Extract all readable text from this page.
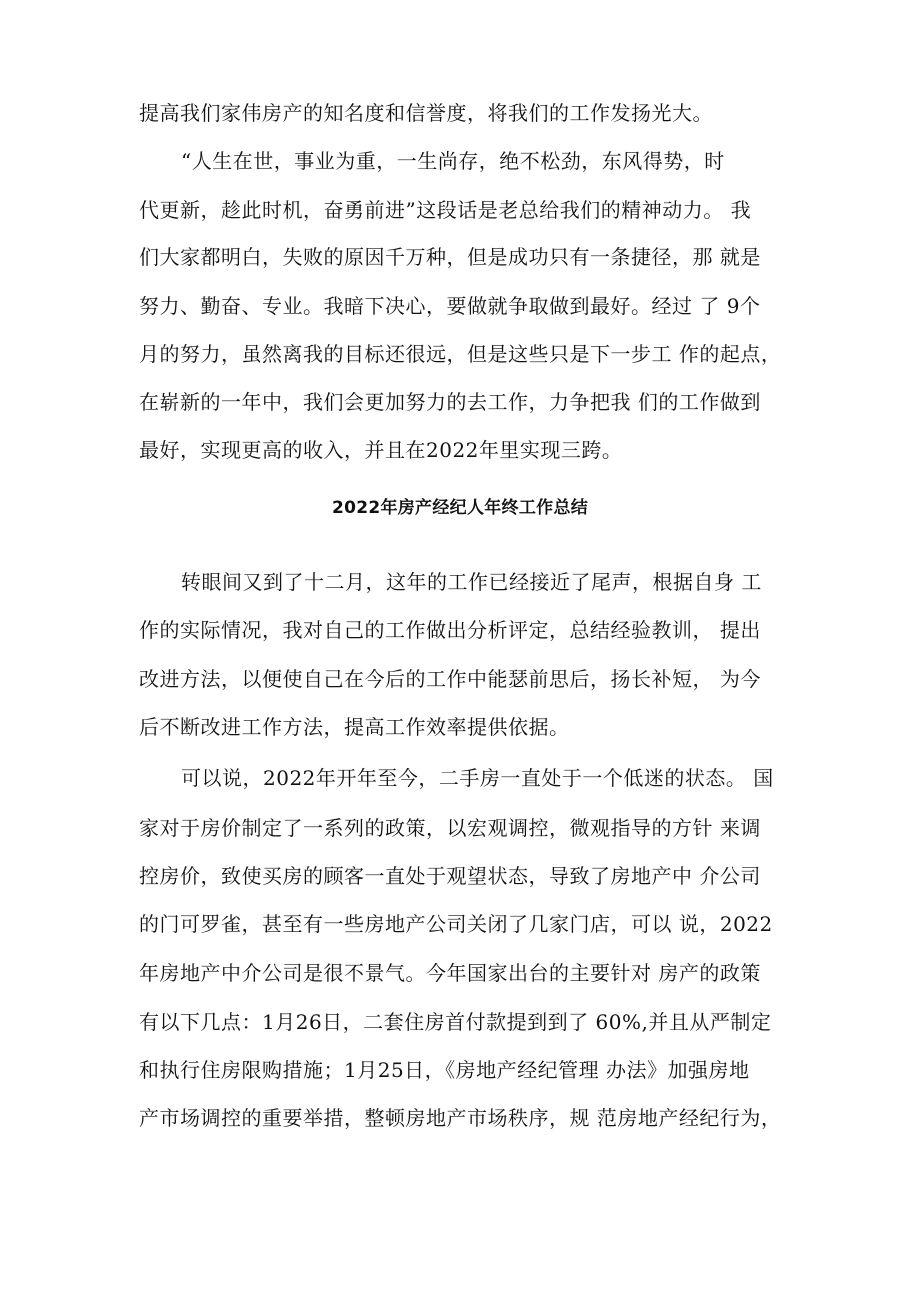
提高我们家伟房产的知名度和信誉度，将我们的工作发扬光大。
“人生在世，事业为重，一生尚存，绝不松劲，东风得势，时
代更新，趁此时机，奋勇前进”这段话是老总给我们的精神动力。 我
们大家都明白，失败的原因千万种，但是成功只有一条捷径，那 就是
努力、勤奋、专业。我暗下决心，要做就争取做到最好。经过 了 9个
月的努力，虽然离我的目标还很远，但是这些只是下一步工 作的起点，
在崭新的一年中，我们会更加努力的去工作，力争把我 们的工作做到
最好，实现更高的收入，并且在2022年里实现三跨。
2022年房产经纪人年终工作总结
转眼间又到了十二月，这年的工作已经接近了尾声，根据自身 工
作的实际情况，我对自己的工作做出分析评定，总结经验教训， 提出
改进方法，以便使自己在今后的工作中能瑟前思后，扬长补短， 为今
后不断改进工作方法，提高工作效率提供依据。
可以说，2022年开年至今，二手房一直处于一个低迷的状态。 国
家对于房价制定了一系列的政策，以宏观调控，微观指导的方针 来调
控房价，致使买房的顾客一直处于观望状态，导致了房地产中 介公司
的门可罗雀，甚至有一些房地产公司关闭了几家门店，可以 说，2022
年房地产中介公司是很不景气。今年国家出台的主要针对 房产的政策
有以下几点：1月26日，二套住房首付款提到到了 60%,并且从严制定
和执行住房限购措施；1月25日，《房地产经纪管理 办法》加强房地
产市场调控的重要举措，整顿房地产市场秩序，规 范房地产经纪行为，
